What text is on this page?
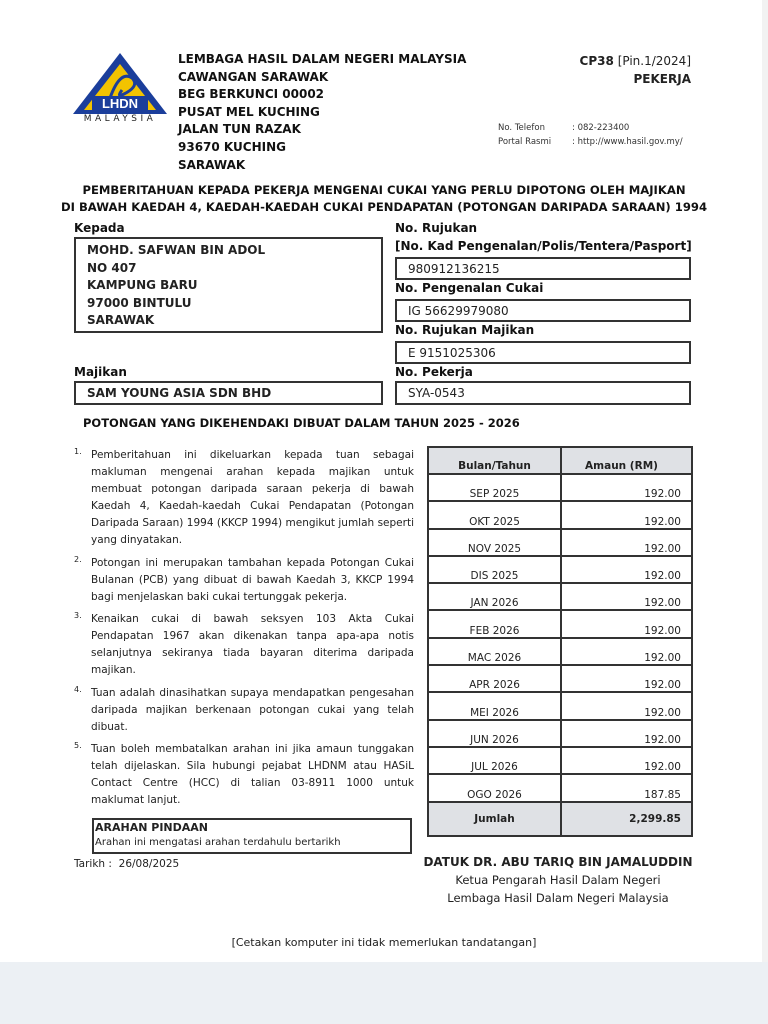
LHDN
MALAYSIA
LEMBAGA HASIL DALAM NEGERI MALAYSIA
CAWANGAN SARAWAK
BEG BERKUNCI 00002
PUSAT MEL KUCHING
JALAN TUN RAZAK
93670 KUCHING
SARAWAK
CP38 [Pin.1/2024]
PEKERJA
No. Telefon	: 082-223400
Portal Rasmi : http://www.hasil.gov.my/
PEMBERITAHUAN KEPADA PEKERJA MENGENAI CUKAI YANG PERLU DIPOTONG OLEH MAJIKAN
DI BAWAH KAEDAH 4, KAEDAH-KAEDAH CUKAI PENDAPATAN (POTONGAN DARIPADA SARAAN) 1994
Kepada
MOHD. SAFWAN BIN ADOL
NO 407
KAMPUNG BARU
97000 BINTULU
SARAWAK
Majikan
SAM YOUNG ASIA SDN BHD
No. Rujukan
[No. Kad Pengenalan/Polis/Tentera/Pasport]
980912136215
No. Pengenalan Cukai
IG 56629979080
No. Rujukan Majikan
E 9151025306
No. Pekerja
SYA-0543
POTONGAN YANG DIKEHENDAKI DIBUAT DALAM TAHUN 2025 - 2026
1. Pemberitahuan ini dikeluarkan kepada tuan sebagai makluman mengenai arahan kepada majikan untuk membuat potongan daripada saraan pekerja di bawah Kaedah 4, Kaedah-kaedah Cukai Pendapatan (Potongan Daripada Saraan) 1994 (KKCP 1994) mengikut jumlah seperti yang dinyatakan.
2. Potongan ini merupakan tambahan kepada Potongan Cukai Bulanan (PCB) yang dibuat di bawah Kaedah 3, KKCP 1994 bagi menjelaskan baki cukai tertunggak pekerja.
3. Kenaikan cukai di bawah seksyen 103 Akta Cukai Pendapatan 1967 akan dikenakan tanpa apa-apa notis selanjutnya sekiranya tiada bayaran diterima daripada majikan.
4. Tuan adalah dinasihatkan supaya mendapatkan pengesahan daripada majikan berkenaan potongan cukai yang telah dibuat.
5. Tuan boleh membatalkan arahan ini jika amaun tunggakan telah dijelaskan. Sila hubungi pejabat LHDNM atau HASiL Contact Centre (HCC) di talian 03-8911 1000 untuk maklumat lanjut.
Bulan/Tahun	Amaun (RM)
SEP 2025	192.00
OKT 2025	192.00
NOV 2025	192.00
DIS 2025	192.00
JAN 2026	192.00
FEB 2026	192.00
MAC 2026	192.00
APR 2026	192.00
MEI 2026	192.00
JUN 2026	192.00
JUL 2026	192.00
OGO 2026	187.85
Jumlah	2,299.85
ARAHAN PINDAAN
Arahan ini mengatasi arahan terdahulu bertarikh
Tarikh : 26/08/2025	DATUK DR. ABU TARIQ BIN JAMALUDDIN
Ketua Pengarah Hasil Dalam Negeri
Lembaga Hasil Dalam Negeri Malaysia
[Cetakan komputer ini tidak memerlukan tandatangan]
